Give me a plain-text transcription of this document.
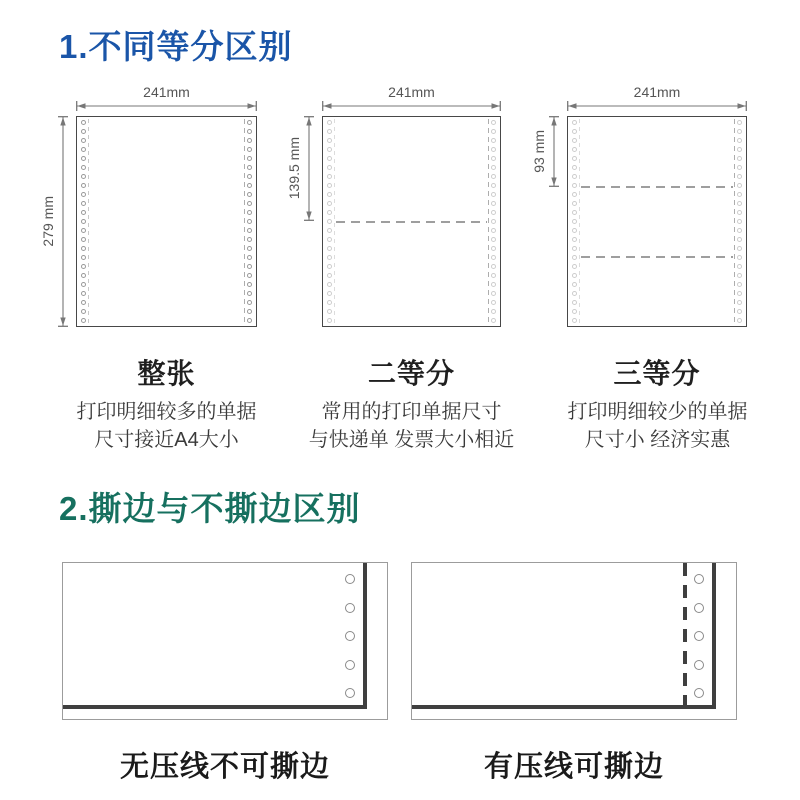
1.不同等分区别
241mm
279 mm
241mm
139.5 mm
241mm
93 mm
整张
打印明细较多的单据
尺寸接近A4大小
二等分
常用的打印单据尺寸
与快递单 发票大小相近
三等分
打印明细较少的单据
尺寸小 经济实惠
2.撕边与不撕边区别
无压线不可撕边	有压线可撕边
